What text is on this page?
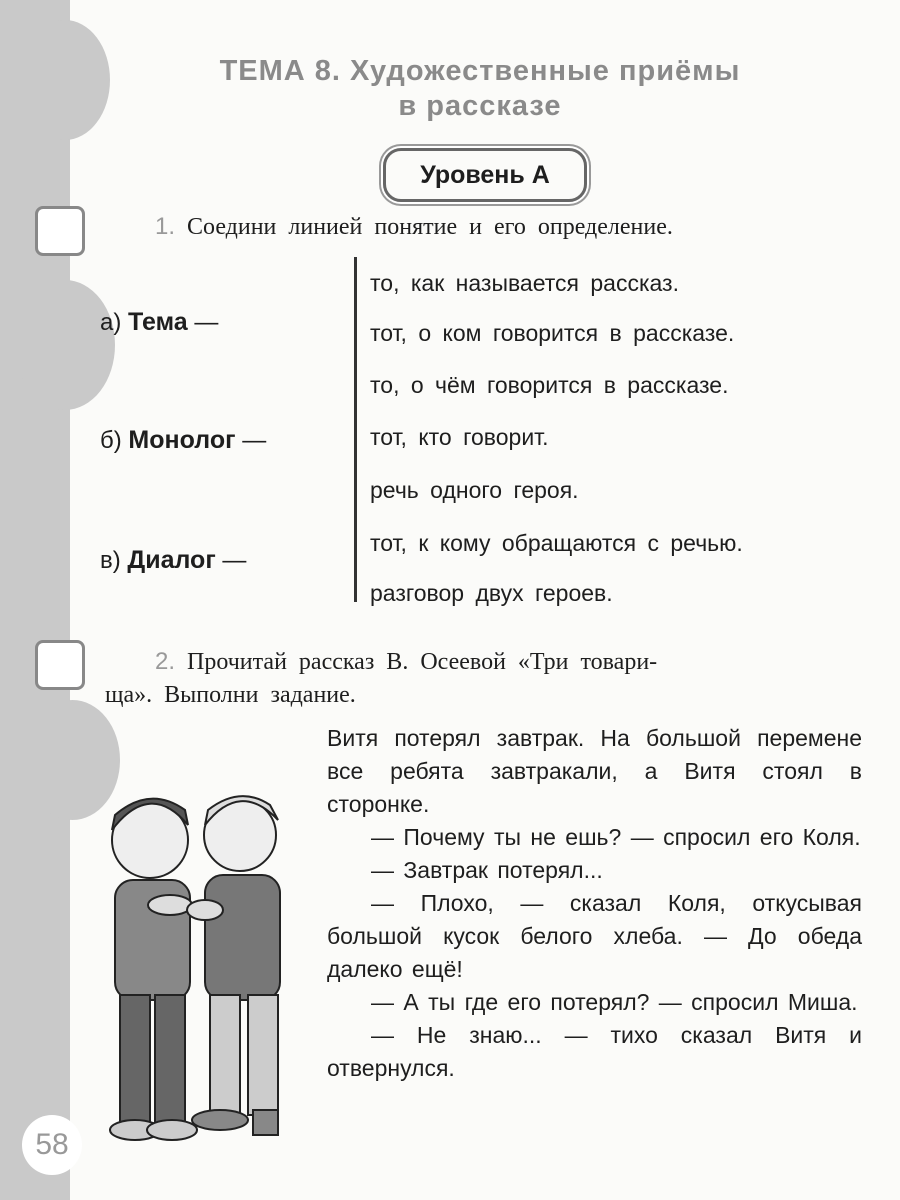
ТЕМА 8. Художественные приёмы
в рассказе
Уровень А
1. Соедини линией понятие и его определение.
а) Тема —
б) Монолог —
в) Диалог —
то, как называется рассказ.
тот, о ком говорится в рассказе.
то, о чём говорится в рассказе.
тот, кто говорит.
речь одного героя.
тот, к кому обращаются с речью.
разговор двух героев.
2. Прочитай рассказ В. Осеевой «Три товари-
ща». Выполни задание.

Витя потерял завтрак. На большой перемене все ребята завтракали, а Витя стоял в сторонке.

— Почему ты не ешь? — спросил его Коля.

— Завтрак потерял...

— Плохо, — сказал Коля, откусывая большой кусок белого хлеба. — До обеда далеко ещё!

— А ты где его потерял? — спросил Миша.

— Не знаю... — тихо сказал Витя и отвернулся.

58
